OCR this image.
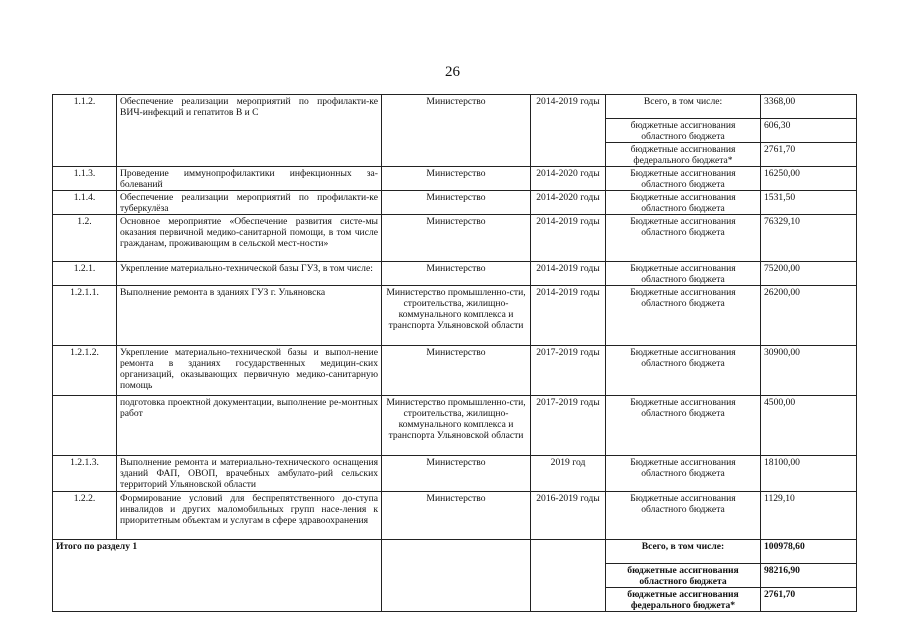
26
1.1.2.	Обеспечение реализации мероприятий по профилакти-ке ВИЧ-инфекций и гепатитов В и С	Министерство	2014-2019 годы	Всего, в том числе:	3368,00
				бюджетные ассигнования областного бюджета	606,30
				бюджетные ассигнования федерального бюджета*	2761,70
1.1.3.	Проведение иммунопрофилактики инфекционных за-болеваний	Министерство	2014-2020 годы	Бюджетные ассигнования областного бюджета	16250,00
1.1.4.	Обеспечение реализации мероприятий по профилакти-ке туберкулёза	Министерство	2014-2020 годы	Бюджетные ассигнования областного бюджета	1531,50
1.2.	Основное мероприятие «Обеспечение развития систе-мы оказания первичной медико-санитарной помощи, в том числе гражданам, проживающим в сельской мест-ности»	Министерство	2014-2019 годы	Бюджетные ассигнования областного бюджета	76329,10
1.2.1.	Укрепление материально-технической базы ГУЗ, в том числе:	Министерство	2014-2019 годы	Бюджетные ассигнования областного бюджета	75200,00
1.2.1.1.	Выполнение ремонта в зданиях ГУЗ г. Ульяновска	Министерство промышленно-сти, строительства, жилищно-коммунального комплекса и транспорта Ульяновской области	2014-2019 годы	Бюджетные ассигнования областного бюджета	26200,00
1.2.1.2.	Укрепление материально-технической базы и выпол-нение ремонта в зданиях государственных медицин-ских организаций, оказывающих первичную медико-санитарную помощь	Министерство	2017-2019 годы	Бюджетные ассигнования областного бюджета	30900,00
	подготовка проектной документации, выполнение ре-монтных работ	Министерство промышленно-сти, строительства, жилищно-коммунального комплекса и транспорта Ульяновской области	2017-2019 годы	Бюджетные ассигнования областного бюджета	4500,00
1.2.1.3.	Выполнение ремонта и материально-технического оснащения зданий ФАП, ОВОП, врачебных амбулато-рий сельских территорий Ульяновской области	Министерство	2019 год	Бюджетные ассигнования областного бюджета	18100,00
1.2.2.	Формирование условий для беспрепятственного до-ступа инвалидов и других маломобильных групп насе-ления к приоритетным объектам и услугам в сфере здравоохранения	Министерство	2016-2019 годы	Бюджетные ассигнования областного бюджета	1129,10
Итого по разделу 1				Всего, в том числе:	100978,60
				бюджетные ассигнования областного бюджета	98216,90
				бюджетные ассигнования федерального бюджета*	2761,70
